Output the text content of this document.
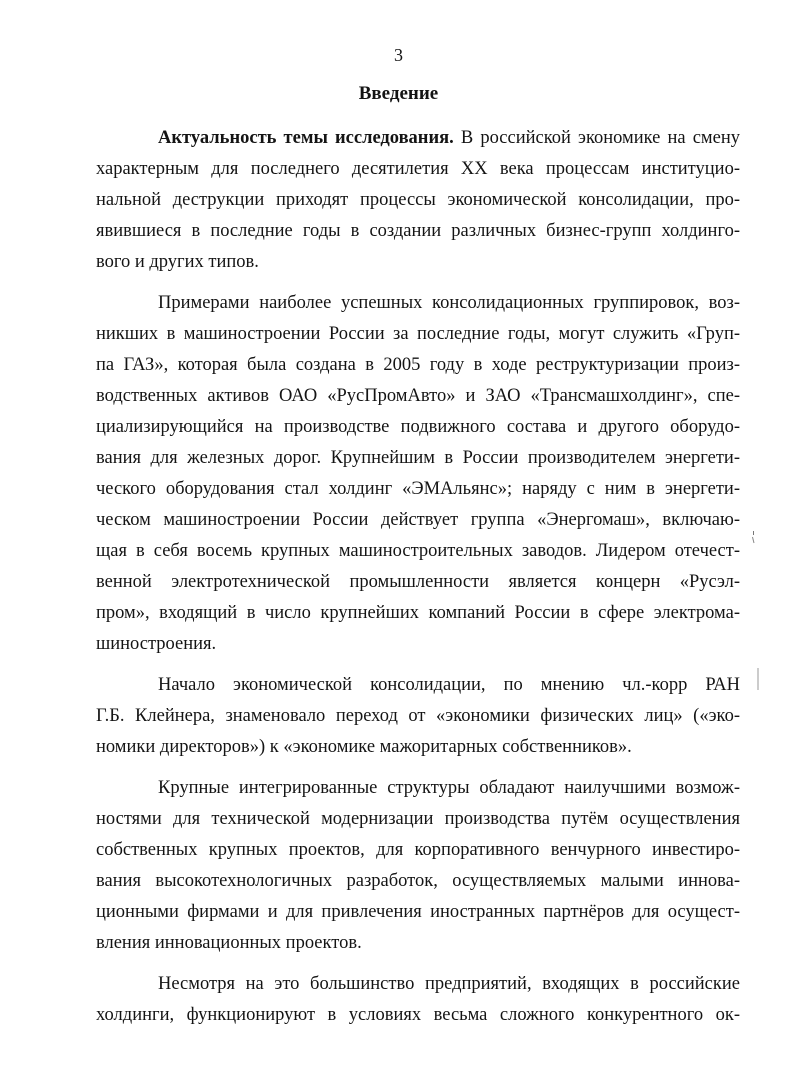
3
Введение
Актуальность темы исследования. В российской экономике на смену
характерным для последнего десятилетия XX века процессам институцио-
нальной деструкции приходят процессы экономической консолидации, про-
явившиеся в последние годы в создании различных бизнес-групп холдинго-
вого и других типов.
Примерами наиболее успешных консолидационных группировок, воз-
никших в машиностроении России за последние годы, могут служить «Груп-
па ГАЗ», которая была создана в 2005 году в ходе реструктуризации произ-
водственных активов ОАО «РусПромАвто» и ЗАО «Трансмашхолдинг», спе-
циализирующийся на производстве подвижного состава и другого оборудо-
вания для железных дорог. Крупнейшим в России производителем энергети-
ческого оборудования стал холдинг «ЭМАльянс»; наряду с ним в энергети-
ческом машиностроении России действует группа «Энергомаш», включаю-
щая в себя восемь крупных машиностроительных заводов. Лидером отечест-
венной электротехнической промышленности является концерн «Русэл-
пром», входящий в число крупнейших компаний России в сфере электрома-
шиностроения.
Начало экономической консолидации, по мнению чл.-корр РАН
Г.Б. Клейнера, знаменовало переход от «экономики физических лиц» («эко-
номики директоров») к «экономике мажоритарных собственников».
Крупные интегрированные структуры обладают наилучшими возмож-
ностями для технической модернизации производства путём осуществления
собственных крупных проектов, для корпоративного венчурного инвестиро-
вания высокотехнологичных разработок, осуществляемых малыми иннова-
ционными фирмами и для привлечения иностранных партнёров для осущест-
вления инновационных проектов.
Несмотря на это большинство предприятий, входящих в российские
холдинги, функционируют в условиях весьма сложного конкурентного ок-
